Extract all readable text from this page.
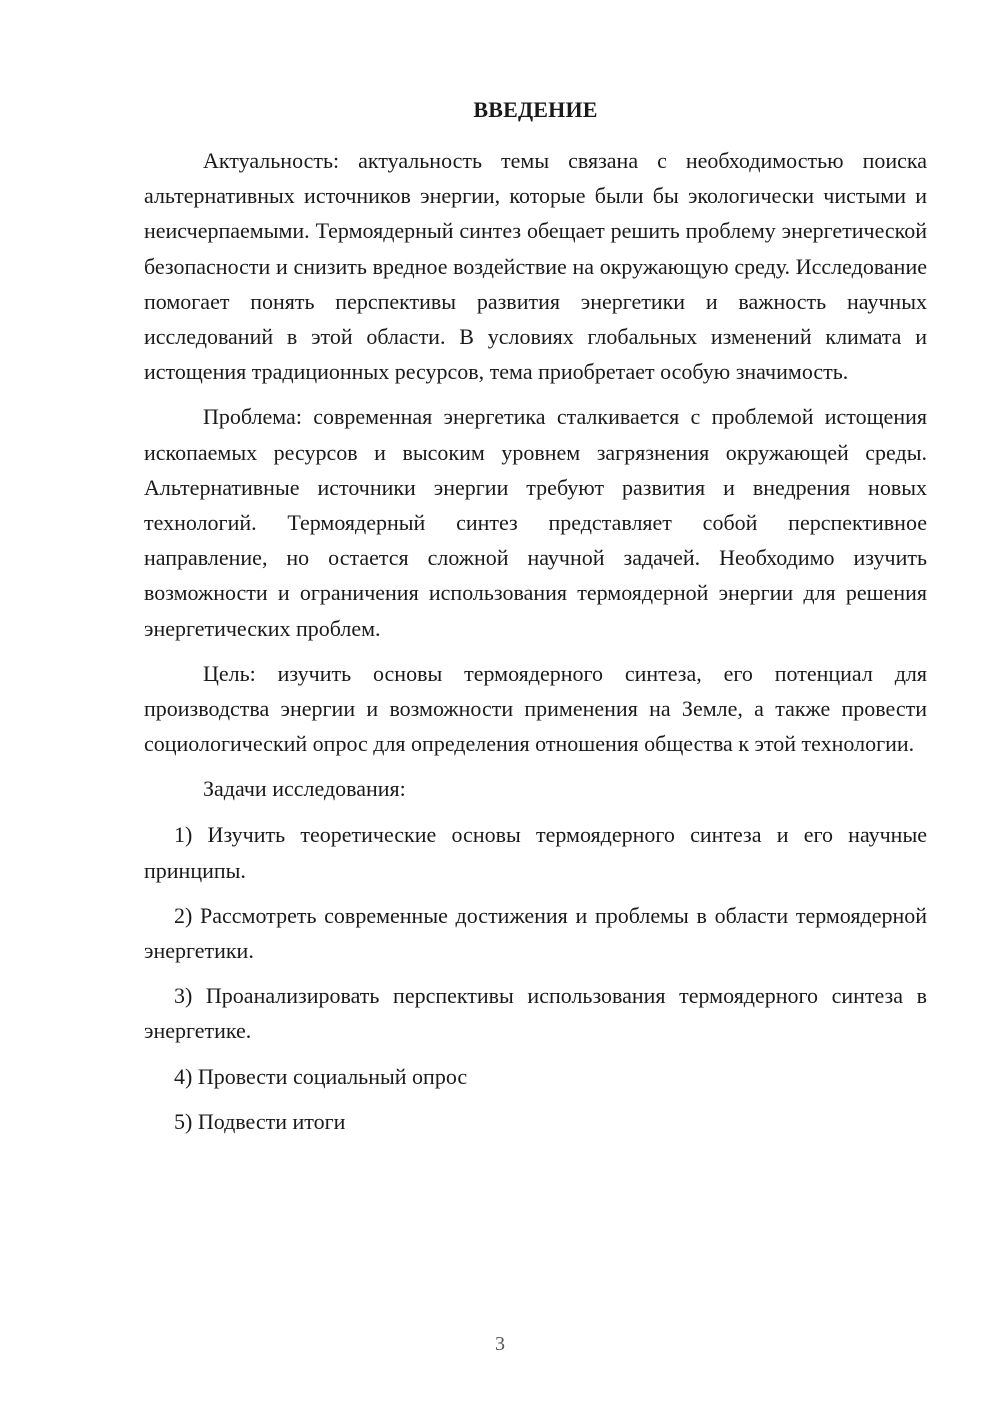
ВВЕДЕНИЕ

Актуальность: актуальность темы связана с необходимостью поиска альтернативных источников энергии, которые были бы экологически чистыми и неисчерпаемыми. Термоядерный синтез обещает решить проблему энергетической безопасности и снизить вредное воздействие на окружающую среду. Исследование помогает понять перспективы развития энергетики и важность научных исследований в этой области. В условиях глобальных изменений климата и истощения традиционных ресурсов, тема приобретает особую значимость.

Проблема: современная энергетика сталкивается с проблемой истощения ископаемых ресурсов и высоким уровнем загрязнения окружающей среды. Альтернативные источники энергии требуют развития и внедрения новых технологий. Термоядерный синтез представляет собой перспективное направление, но остается сложной научной задачей. Необходимо изучить возможности и ограничения использования термоядерной энергии для решения энергетических проблем.

Цель: изучить основы термоядерного синтеза, его потенциал для производства энергии и возможности применения на Земле, а также провести социологический опрос для определения отношения общества к этой технологии.

Задачи исследования:

1) Изучить теоретические основы термоядерного синтеза и его научные принципы.

2) Рассмотреть современные достижения и проблемы в области термоядерной энергетики.

3) Проанализировать перспективы использования термоядерного синтеза в энергетике.

4) Провести социальный опрос

5) Подвести итоги

3
